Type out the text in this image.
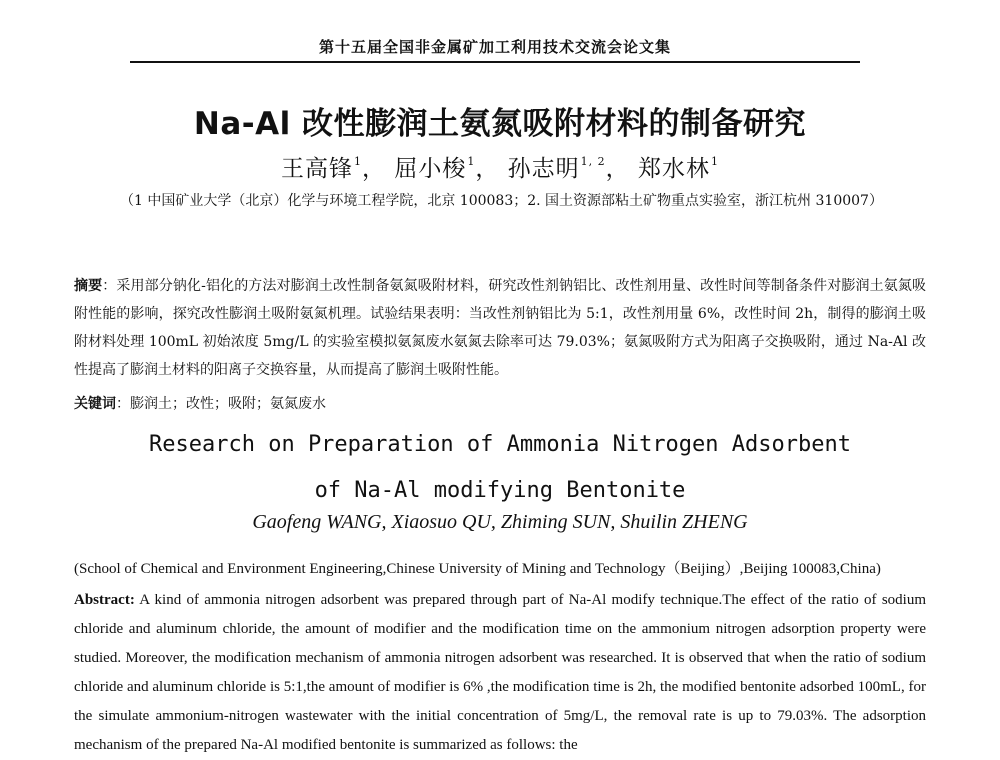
第十五届全国非金属矿加工利用技术交流会论文集
Na-Al 改性膨润土氨氮吸附材料的制备研究
王高锋$^1$， 屈小梭$^1$， 孙志明$^{1, 2}$， 郑水林$^1$
（1 中国矿业大学（北京）化学与环境工程学院，北京 100083；2. 国土资源部粘土矿物重点实验室，浙江杭州 310007）
摘要：采用部分钠化-铝化的方法对膨润土改性制备氨氮吸附材料，研究改性剂钠铝比、改性剂用量、改性时间等制备条件对膨润土氨氮吸附性能的影响，探究改性膨润土吸附氨氮机理。试验结果表明：当改性剂钠铝比为 5:1，改性剂用量 6%，改性时间 2h，制得的膨润土吸附材料处理 100mL 初始浓度 5mg/L 的实验室模拟氨氮废水氨氮去除率可达 79.03%；氨氮吸附方式为阳离子交换吸附，通过 Na-Al 改性提高了膨润土材料的阳离子交换容量，从而提高了膨润土吸附性能。
关键词：膨润土；改性；吸附；氨氮废水
Research on Preparation of Ammonia Nitrogen Adsorbent
of Na-Al modifying Bentonite
Gaofeng WANG, Xiaosuo QU, Zhiming SUN, Shuilin ZHENG
(School of Chemical and Environment Engineering,Chinese University of Mining and Technology（Beijing）,Beijing 100083,China)
Abstract: A kind of ammonia nitrogen adsorbent was prepared through part of Na-Al modify technique.The effect of the ratio of sodium chloride and aluminum chloride, the amount of modifier and the modification time on the ammonium nitrogen adsorption property were studied. Moreover, the modification mechanism of ammonia nitrogen adsorbent was researched. It is observed that when the ratio of sodium chloride and aluminum chloride is 5:1,the amount of modifier is 6% ,the modification time is 2h, the modified bentonite adsorbed 100mL, for the simulate ammonium-nitrogen wastewater with the initial concentration of 5mg/L, the removal rate is up to 79.03%. The adsorption mechanism of the prepared Na-Al modified bentonite is summarized as follows: the
